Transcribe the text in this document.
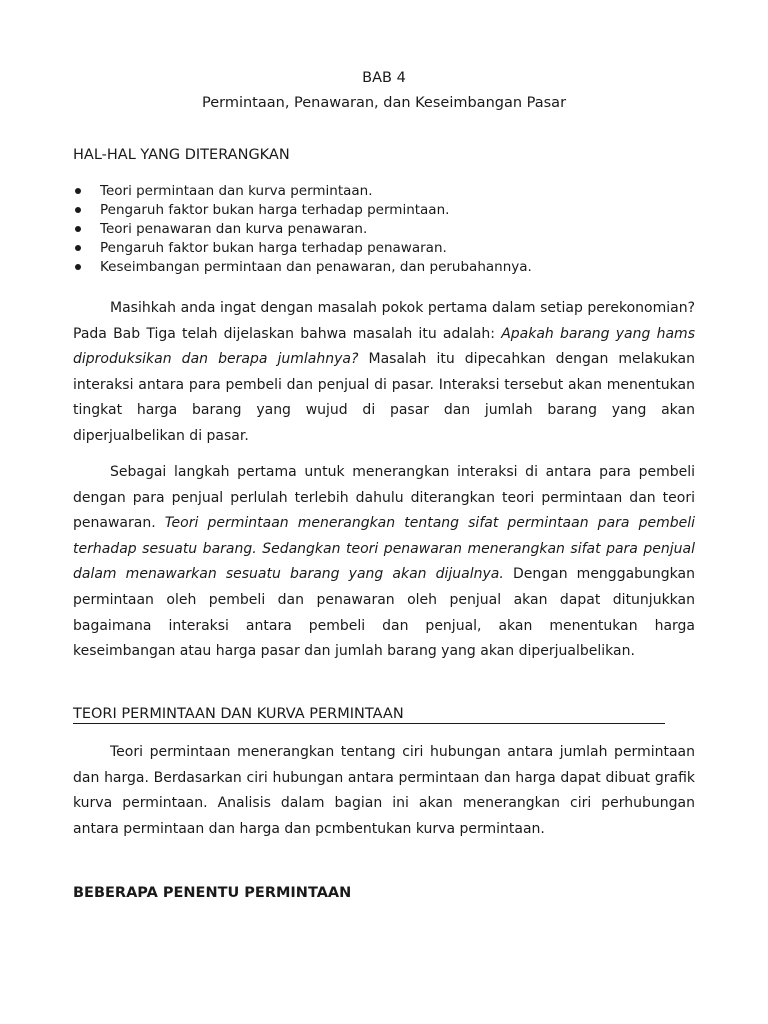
BAB 4
Permintaan, Penawaran, dan Keseimbangan Pasar
HAL-HAL YANG DITERANGKAN
Teori permintaan dan kurva permintaan.
Pengaruh faktor bukan harga terhadap permintaan.
Teori penawaran dan kurva penawaran.
Pengaruh faktor bukan harga terhadap penawaran.
Keseimbangan permintaan dan penawaran, dan perubahannya.

Masihkah anda ingat dengan masalah pokok pertama dalam setiap perekonomian? Pada Bab Tiga telah dijelaskan bahwa masalah itu adalah: Apakah barang yang hams diproduksikan dan berapa jumlahnya? Masalah itu dipecahkan dengan melakukan interaksi antara para pembeli dan penjual di pasar. Interaksi tersebut akan menentukan tingkat harga barang yang wujud di pasar dan jumlah barang yang akan diperjualbelikan di pasar.

Sebagai langkah pertama untuk menerangkan interaksi di antara para pembeli dengan para penjual perlulah terlebih dahulu diterangkan teori permintaan dan teori penawaran. Teori permintaan menerangkan tentang sifat permintaan para pembeli terhadap sesuatu barang. Sedangkan teori penawaran menerangkan sifat para penjual dalam menawarkan sesuatu barang yang akan dijualnya. Dengan menggabungkan permintaan oleh pembeli dan penawaran oleh penjual akan dapat ditunjukkan bagaimana interaksi antara pembeli dan penjual, akan menentukan harga keseimbangan atau harga pasar dan jumlah barang yang akan diperjualbelikan.

TEORI PERMINTAAN DAN KURVA PERMINTAAN

Teori permintaan menerangkan tentang ciri hubungan antara jumlah permintaan dan harga. Berdasarkan ciri hubungan antara permintaan dan harga dapat dibuat grafik kurva permintaan. Analisis dalam bagian ini akan menerangkan ciri perhubungan antara permintaan dan harga dan pcmbentukan kurva permintaan.

BEBERAPA PENENTU PERMINTAAN
